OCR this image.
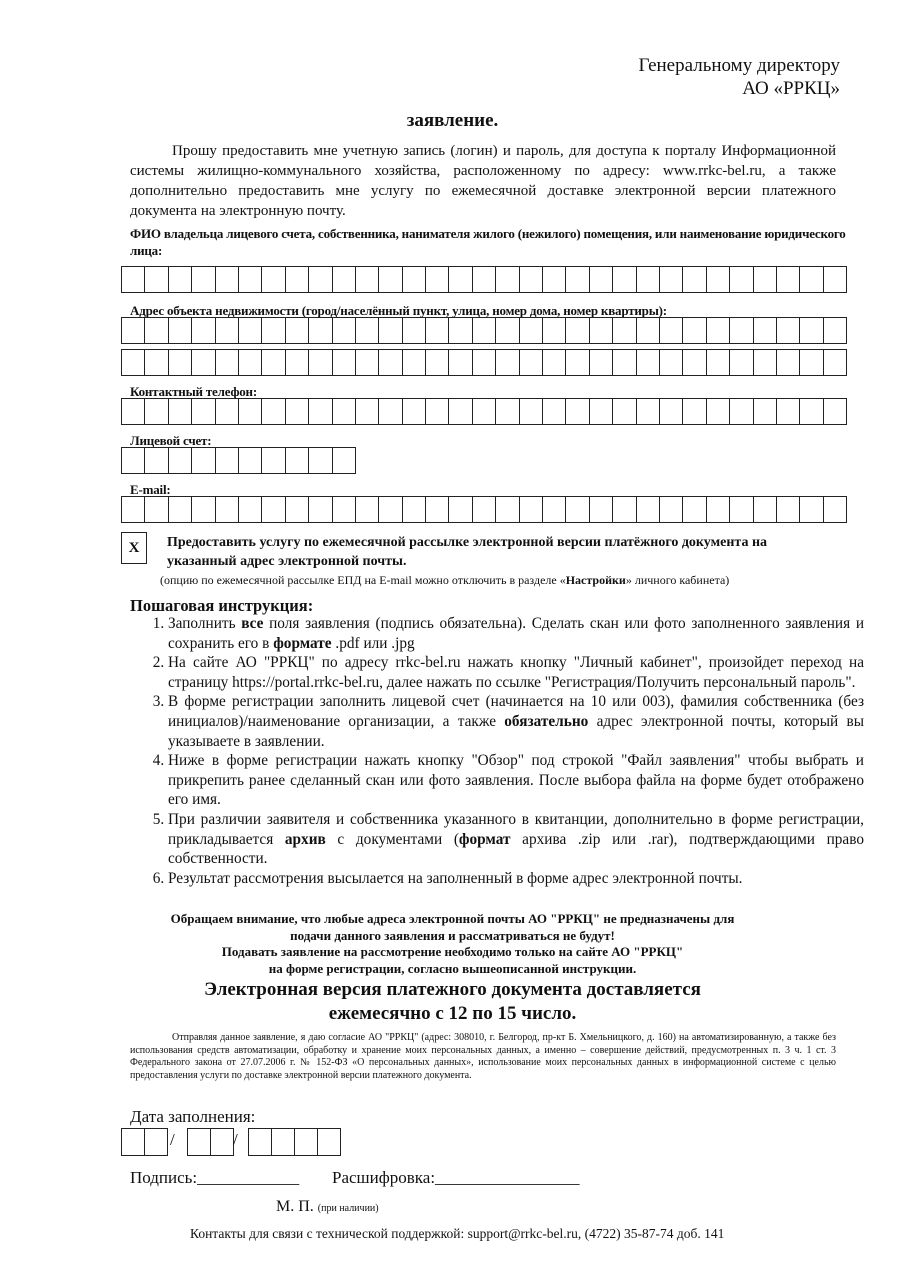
Генеральному директору
АО «РРКЦ»
заявление.

Прошу предоставить мне учетную запись (логин) и пароль, для доступа к порталу Информационной системы жилищно-коммунального хозяйства, расположенному по адресу: www.rrkc-bel.ru, а также дополнительно предоставить мне услугу по ежемесячной доставке электронной версии платежного документа на электронную почту.

ФИО владельца лицевого счета, собственника, нанимателя жилого (нежилого) помещения, или наименование юридического лица:
Адрес объекта недвижимости (город/населённый пункт, улица, номер дома, номер квартиры):
Контактный телефон:
Лицевой счет:
E-mail:
X	Предоставить услугу по ежемесячной рассылке электронной версии платёжного документа на указанный адрес электронной почты.
(опцию по ежемесячной рассылке ЕПД на E-mail можно отключить в разделе «Настройки» личного кабинета)
Пошаговая инструкция:
1. Заполнить все поля заявления (подпись обязательна). Сделать скан или фото заполненного заявления и сохранить его в формате .pdf или .jpg
2. На сайте АО "РРКЦ" по адресу rrkc-bel.ru нажать кнопку "Личный кабинет", произойдет переход на страницу https://portal.rrkc-bel.ru, далее нажать по ссылке "Регистрация/Получить персональный пароль".
3. В форме регистрации заполнить лицевой счет (начинается на 10 или 003), фамилия собственника (без инициалов)/наименование организации, а также обязательно адрес электронной почты, который вы указываете в заявлении.
4. Ниже в форме регистрации нажать кнопку "Обзор" под строкой "Файл заявления" чтобы выбрать и прикрепить ранее сделанный скан или фото заявления. После выбора файла на форме будет отображено его имя.
5. При различии заявителя и собственника указанного в квитанции, дополнительно в форме регистрации, прикладывается архив с документами (формат архива .zip или .rar), подтверждающими право собственности.
6. Результат рассмотрения высылается на заполненный в форме адрес электронной почты.
Обращаем внимание, что любые адреса электронной почты АО "РРКЦ" не предназначены для
подачи данного заявления и рассматриваться не будут!
Подавать заявление на рассмотрение необходимо только на сайте АО "РРКЦ"
на форме регистрации, согласно вышеописанной инструкции.
Электронная версия платежного документа доставляется
ежемесячно с 12 по 15 число.

Отправляя данное заявление, я даю согласие АО "РРКЦ" (адрес: 308010, г. Белгород, пр-кт Б. Хмельницкого, д. 160) на автоматизированную, а также без использования средств автоматизации, обработку и хранение моих персональных данных, а именно – совершение действий, предусмотренных п. 3 ч. 1 ст. 3 Федерального закона от 27.07.2006 г. № 152-ФЗ «О персональных данных», использование моих персональных данных в информационной системе с целью предоставления услуги по доставке электронной версии платежного документа.

Дата заполнения:
/	/
Подпись:____________ Расшифровка:_________________
М. П. (при наличии)
Контакты для связи с технической поддержкой: support@rrkc-bel.ru, (4722) 35-87-74 доб. 141
